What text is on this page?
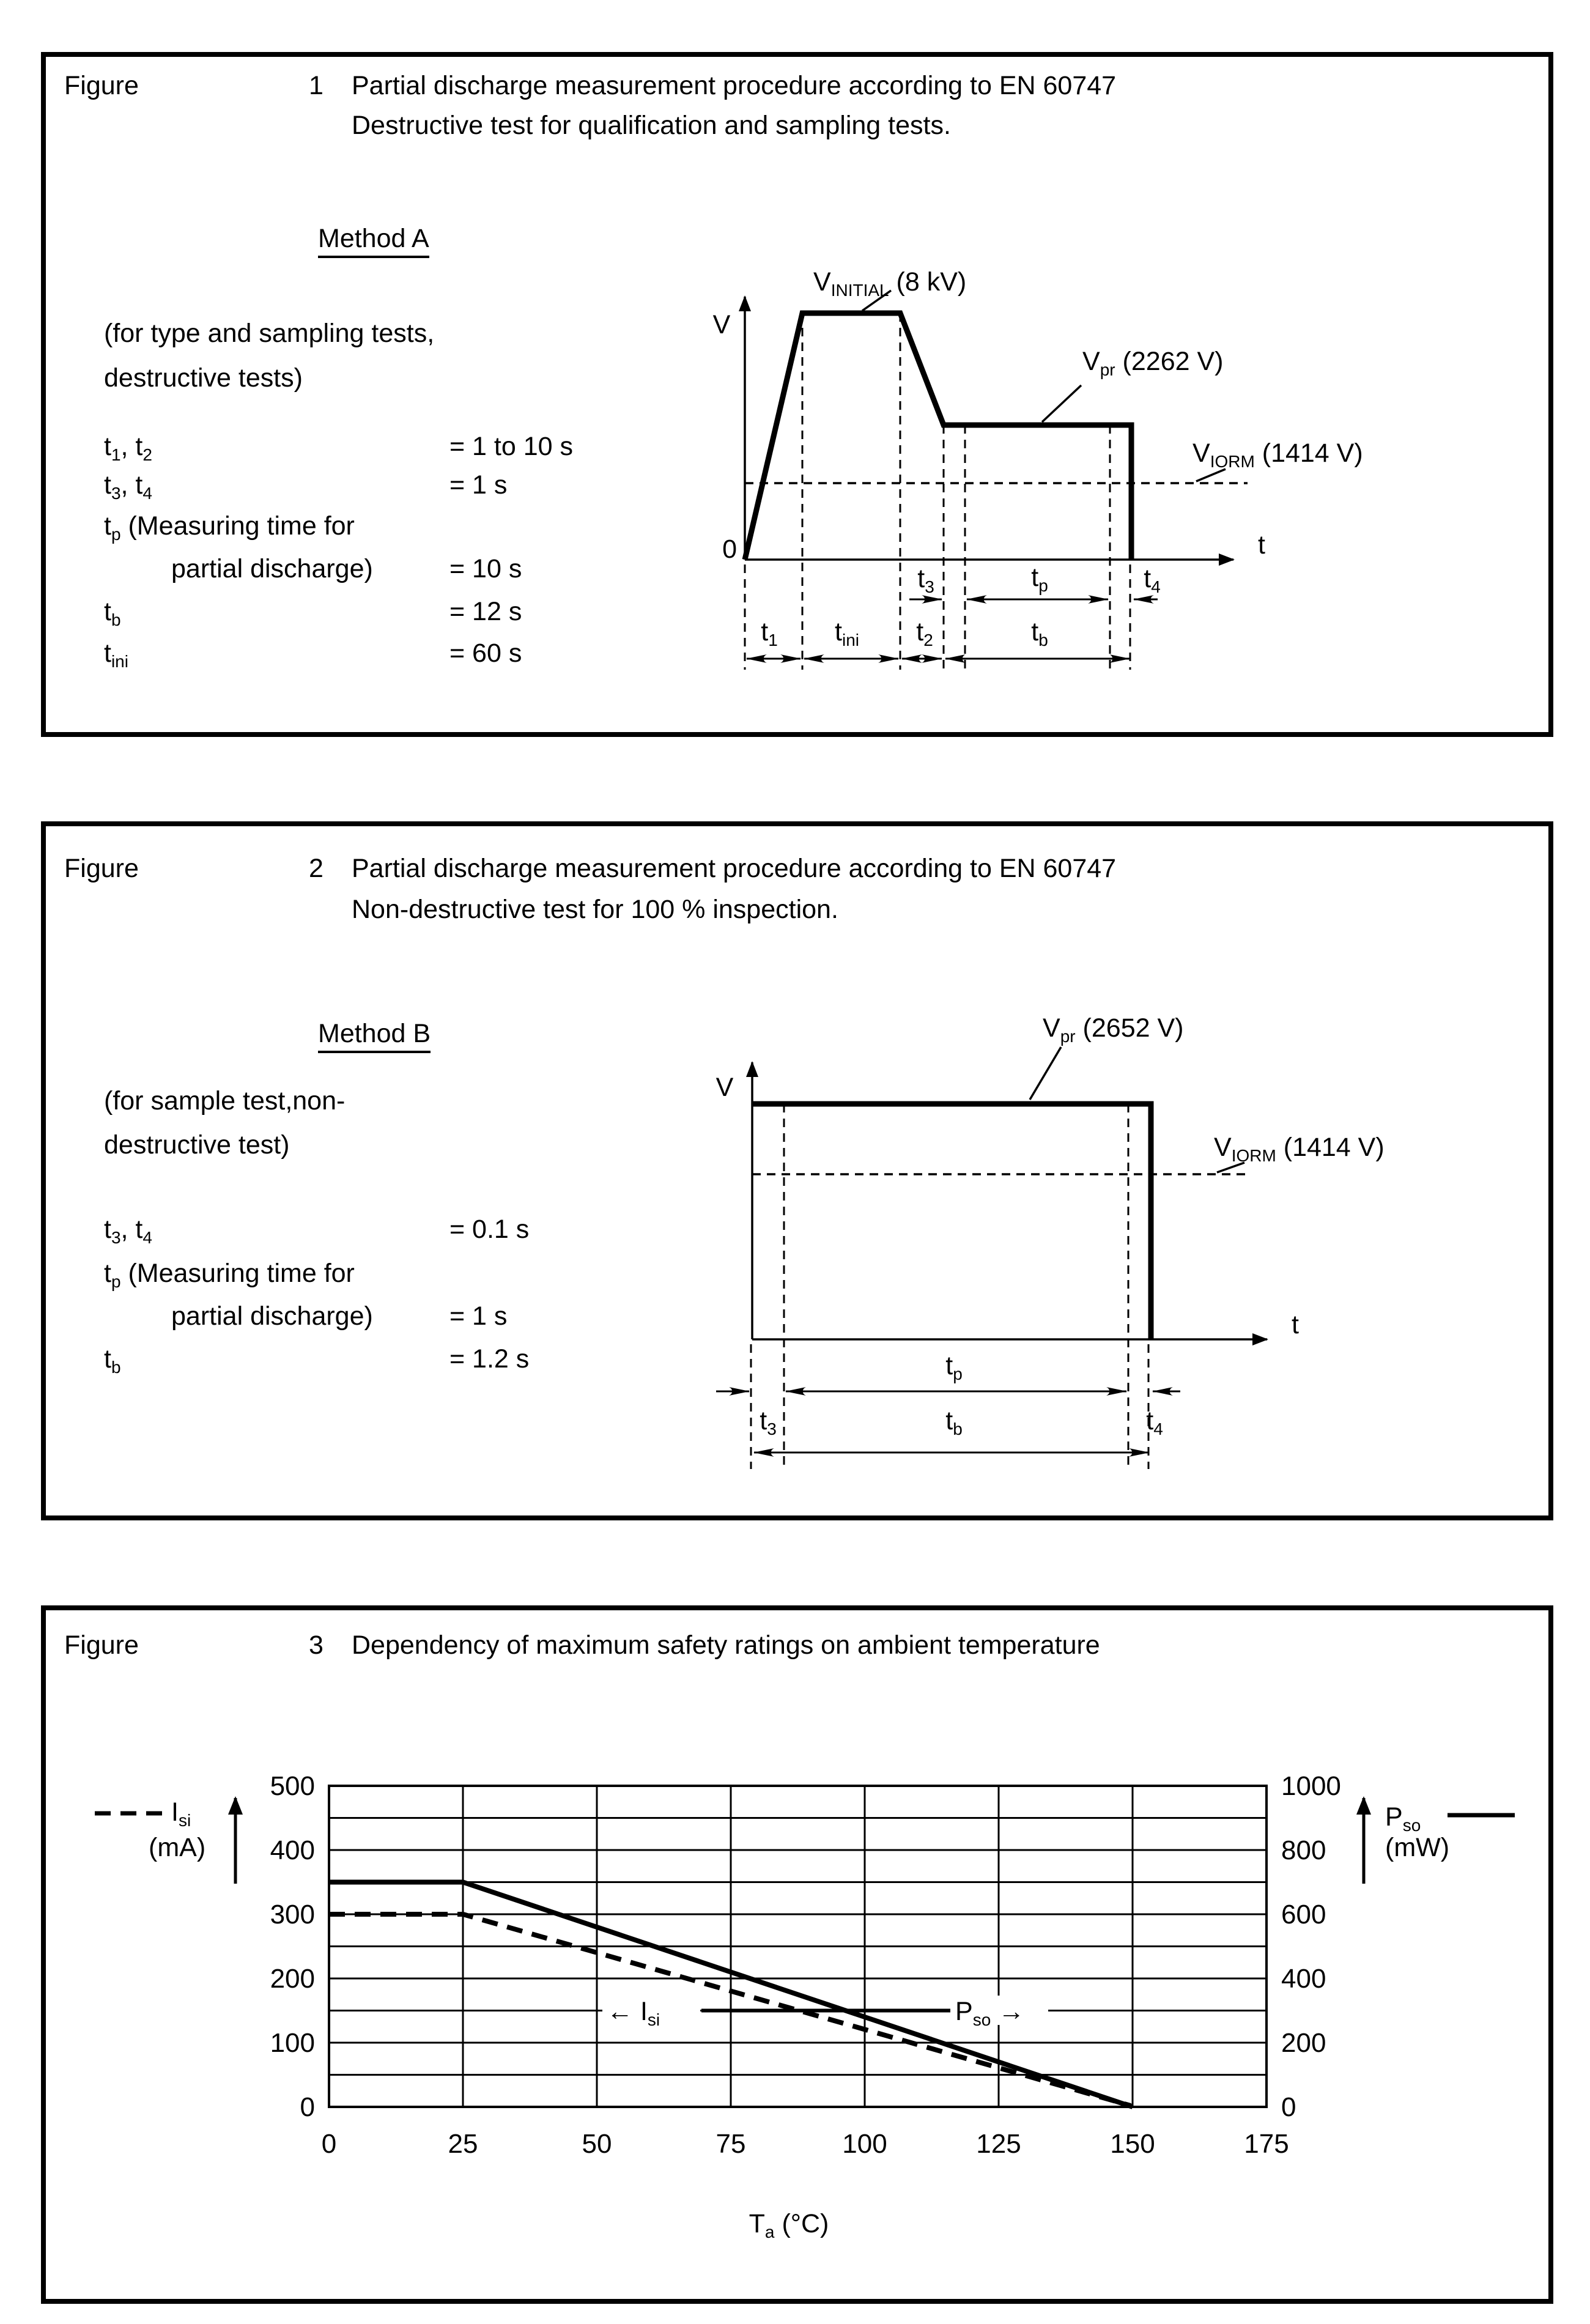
Figure	1 Partial discharge measurement procedure according to EN 60747
Destructive test for qualification and sampling tests.
Method A
(for type and sampling tests,
destructive tests)
$t_1$, $t_2$	= 1 to 10 s
$t_3$, $t_4$	= 1 s
$t_p$ (Measuring time for
partial discharge)	= 10 s
$t_b$	= 12 s
$t_{ini}$	= 60 s
V
0	t
$V_{INITIAL}$ (8 kV)
$V_{pr}$ (2262 V)
$V_{IORM}$ (1414 V)
$t_3$	$t_p$	$t_4$
$t_1$ $t_{ini}$ $t_2$	$t_b$
Figure	2 Partial discharge measurement procedure according to EN 60747
Non-destructive test for 100 % inspection.
Method B
(for sample test,non-
destructive test)
$t_3$, $t_4$	= 0.1 s
$t_p$ (Measuring time for
partial discharge)	= 1 s
$t_b$	= 1.2 s
V
t
$V_{pr}$ (2652 V)
$V_{IORM}$ (1414 V)
$t_p$
$t_3$	$t_b$	$t_4$
Figure	3 Dependency of maximum safety ratings on ambient temperature
← $I_{si}$	$P_{so}$ →
500
400
300
200
100
0
1000
800
600
400
200
0
0	25	50	75	100	125	150	175
$I_{si}$
(mA)
$P_{so}$
(mW)
$T_a$ (°C)
